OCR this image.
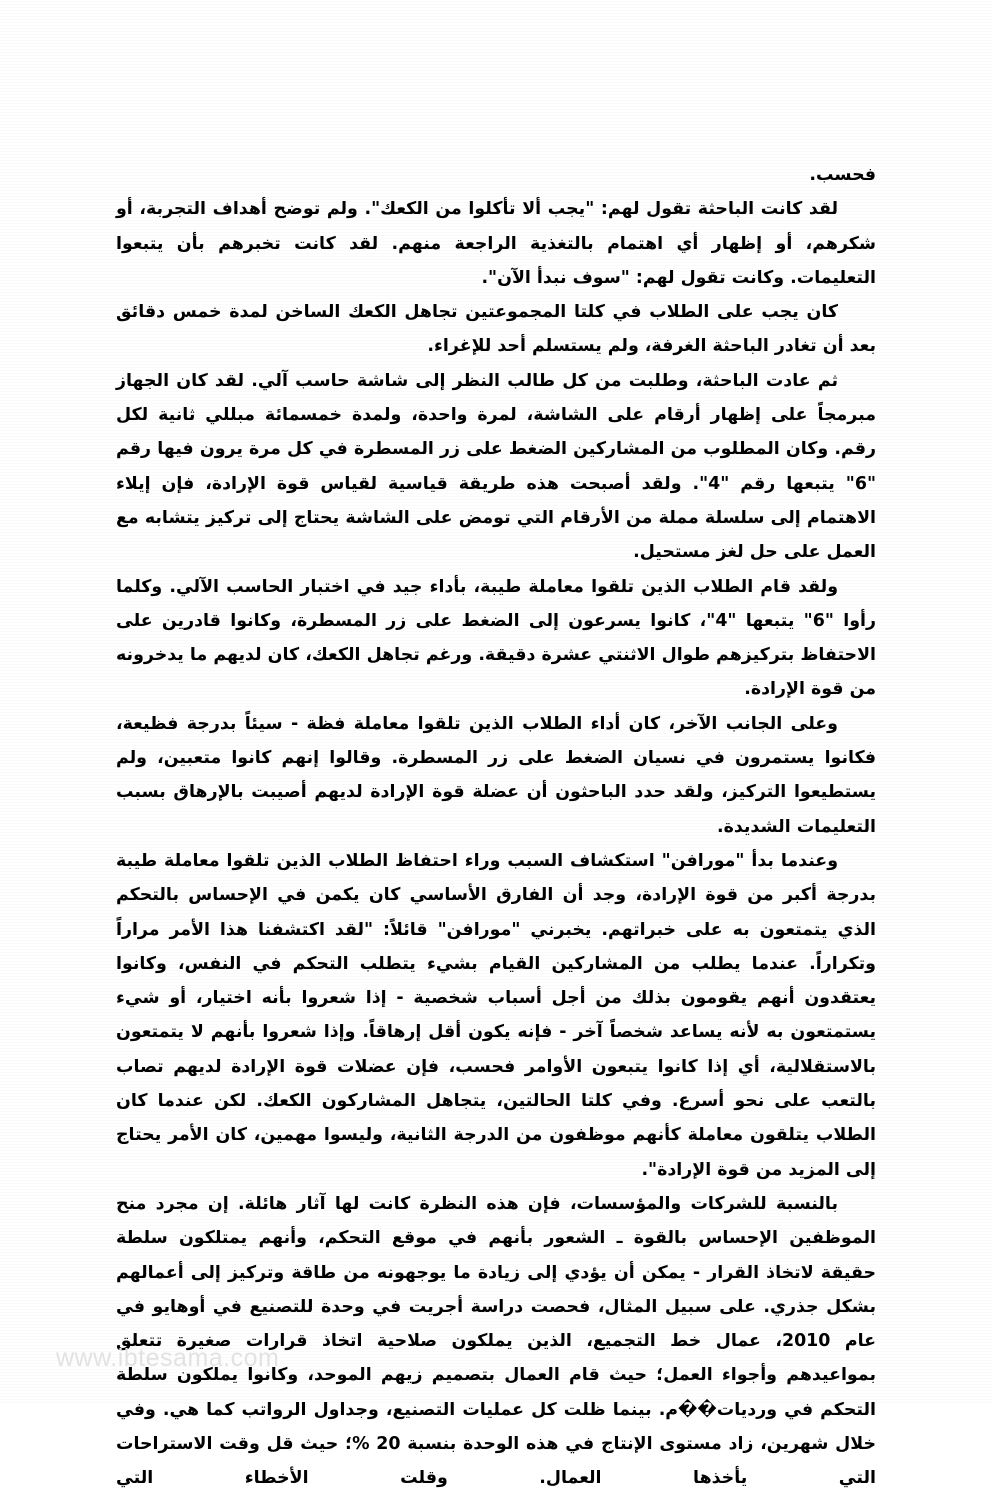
فحسب.

لقد كانت الباحثة تقول لهم: "يجب ألا تأكلوا من الكعك". ولم توضح أهداف التجربة، أو شكرهم، أو إظهار أي اهتمام بالتغذية الراجعة منهم. لقد كانت تخبرهم بأن يتبعوا التعليمات. وكانت تقول لهم: "سوف نبدأ الآن".

كان يجب على الطلاب في كلتا المجموعتين تجاهل الكعك الساخن لمدة خمس دقائق بعد أن تغادر الباحثة الغرفة، ولم يستسلم أحد للإغراء.

ثم عادت الباحثة، وطلبت من كل طالب النظر إلى شاشة حاسب آلي. لقد كان الجهاز مبرمجاً على إظهار أرقام على الشاشة، لمرة واحدة، ولمدة خمسمائة مبللي ثانية لكل رقم. وكان المطلوب من المشاركين الضغط على زر المسطرة في كل مرة يرون فيها رقم "6" يتبعها رقم "4". ولقد أصبحت هذه طريقة قياسية لقياس قوة الإرادة، فإن إيلاء الاهتمام إلى سلسلة مملة من الأرقام التي تومض على الشاشة يحتاج إلى تركيز يتشابه مع العمل على حل لغز مستحيل.

ولقد قام الطلاب الذين تلقوا معاملة طيبة، بأداء جيد في اختبار الحاسب الآلي. وكلما رأوا "6" يتبعها "4"، كانوا يسرعون إلى الضغط على زر المسطرة، وكانوا قادرين على الاحتفاظ بتركيزهم طوال الاثنتي عشرة دقيقة. ورغم تجاهل الكعك، كان لديهم ما يدخرونه من قوة الإرادة.

وعلى الجانب الآخر، كان أداء الطلاب الذين تلقوا معاملة فظة - سيئاً بدرجة فظيعة، فكانوا يستمرون في نسيان الضغط على زر المسطرة. وقالوا إنهم كانوا متعبين، ولم يستطيعوا التركيز، ولقد حدد الباحثون أن عضلة قوة الإرادة لديهم أصيبت بالإرهاق بسبب التعليمات الشديدة.

وعندما بدأ "مورافن" استكشاف السبب وراء احتفاظ الطلاب الذين تلقوا معاملة طيبة بدرجة أكبر من قوة الإرادة، وجد أن الفارق الأساسي كان يكمن في الإحساس بالتحكم الذي يتمتعون به على خبراتهم. يخبرني "مورافن" قائلاً: "لقد اكتشفنا هذا الأمر مراراً وتكراراً. عندما يطلب من المشاركين القيام بشيء يتطلب التحكم في النفس، وكانوا يعتقدون أنهم يقومون بذلك من أجل أسباب شخصية - إذا شعروا بأنه اختيار، أو شيء يستمتعون به لأنه يساعد شخصاً آخر - فإنه يكون أقل إرهاقاً. وإذا شعروا بأنهم لا يتمتعون بالاستقلالية، أي إذا كانوا يتبعون الأوامر فحسب، فإن عضلات قوة الإرادة لديهم تصاب بالتعب على نحو أسرع. وفي كلتا الحالتين، يتجاهل المشاركون الكعك. لكن عندما كان الطلاب يتلقون معاملة كأنهم موظفون من الدرجة الثانية، وليسوا مهمين، كان الأمر يحتاج إلى المزيد من قوة الإرادة".

بالنسبة للشركات والمؤسسات، فإن هذه النظرة كانت لها آثار هائلة. إن مجرد منح الموظفين الإحساس بالقوة ـ الشعور بأنهم في موقع التحكم، وأنهم يمتلكون سلطة حقيقة لاتخاذ القرار - يمكن أن يؤدي إلى زيادة ما يوجهونه من طاقة وتركيز إلى أعمالهم بشكل جذري. على سبيل المثال، فحصت دراسة أجريت في وحدة للتصنيع في أوهايو في عام 2010، عمال خط التجميع، الذين يملكون صلاحية اتخاذ قرارات صغيرة تتعلق بمواعيدهم وأجواء العمل؛ حيث قام العمال بتصميم زيهم الموحد، وكانوا يملكون سلطة التحكم في ورديات��م. بينما ظلت كل عمليات التصنيع، وجداول الرواتب كما هي. وفي خلال شهرين، زاد مستوى الإنتاج في هذه الوحدة بنسبة 20 %؛ حيث قل وقت الاستراحات التي يأخذها العمال. وقلت الأخطاء التي

www.ibtesama.com
